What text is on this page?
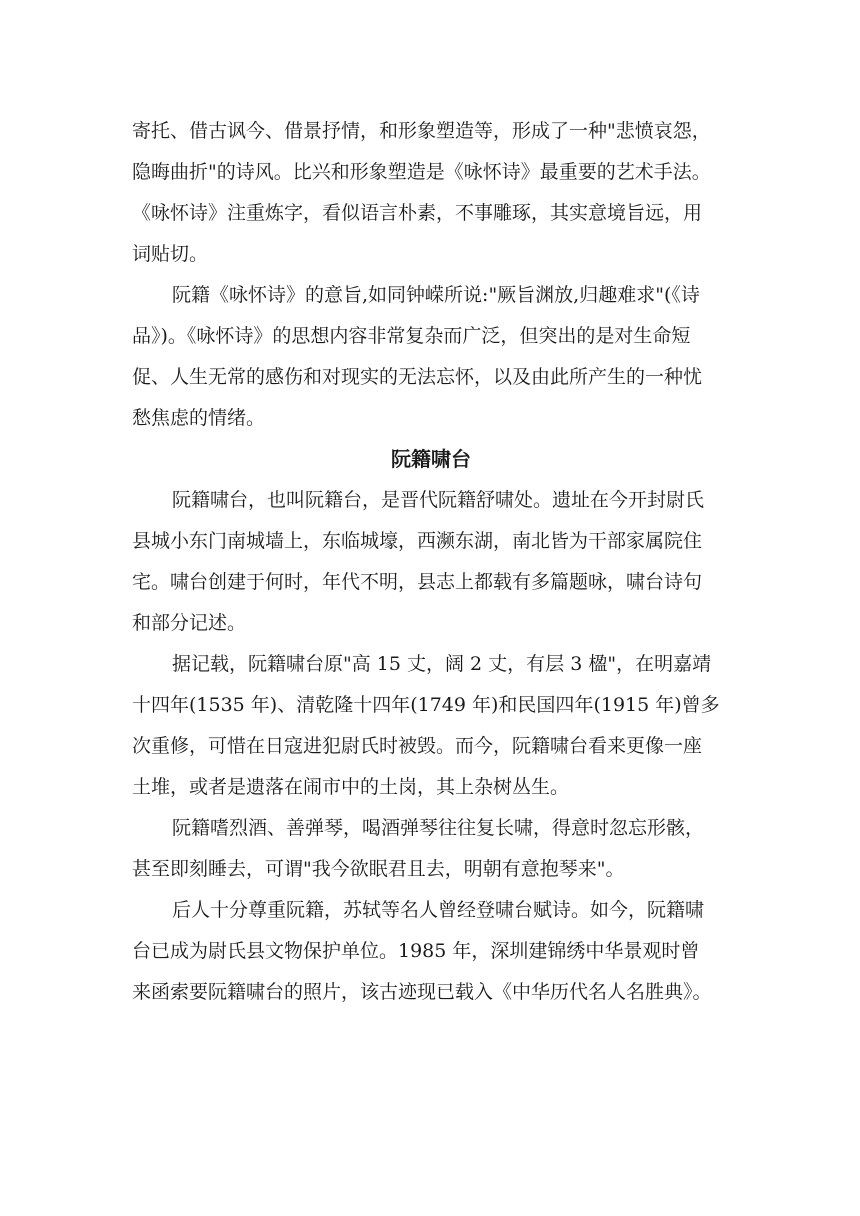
寄托、借古讽今、借景抒情，和形象塑造等，形成了一种"悲愤哀怨，
隐晦曲折"的诗风。比兴和形象塑造是《咏怀诗》最重要的艺术手法。
《咏怀诗》注重炼字，看似语言朴素，不事雕琢，其实意境旨远，用
词贴切。

阮籍《咏怀诗》的意旨,如同钟嵘所说:"厥旨渊放,归趣难求"(《诗
品》)。《咏怀诗》的思想内容非常复杂而广泛，但突出的是对生命短
促、人生无常的感伤和对现实的无法忘怀，以及由此所产生的一种忧
愁焦虑的情绪。

阮籍啸台

阮籍啸台，也叫阮籍台，是晋代阮籍舒啸处。遗址在今开封尉氏
县城小东门南城墙上，东临城壕，西濒东湖，南北皆为干部家属院住
宅。啸台创建于何时，年代不明，县志上都载有多篇题咏，啸台诗句
和部分记述。

据记载，阮籍啸台原"高 15 丈，阔 2 丈，有层 3 楹"，在明嘉靖
十四年(1535 年)、清乾隆十四年(1749 年)和民国四年(1915 年)曾多
次重修，可惜在日寇进犯尉氏时被毁。而今，阮籍啸台看来更像一座
土堆，或者是遗落在闹市中的土岗，其上杂树丛生。

阮籍嗜烈酒、善弹琴，喝酒弹琴往往复长啸，得意时忽忘形骸，
甚至即刻睡去，可谓"我今欲眠君且去，明朝有意抱琴来"。

后人十分尊重阮籍，苏轼等名人曾经登啸台赋诗。如今，阮籍啸
台已成为尉氏县文物保护单位。1985 年，深圳建锦绣中华景观时曾
来函索要阮籍啸台的照片，该古迹现已载入《中华历代名人名胜典》。
